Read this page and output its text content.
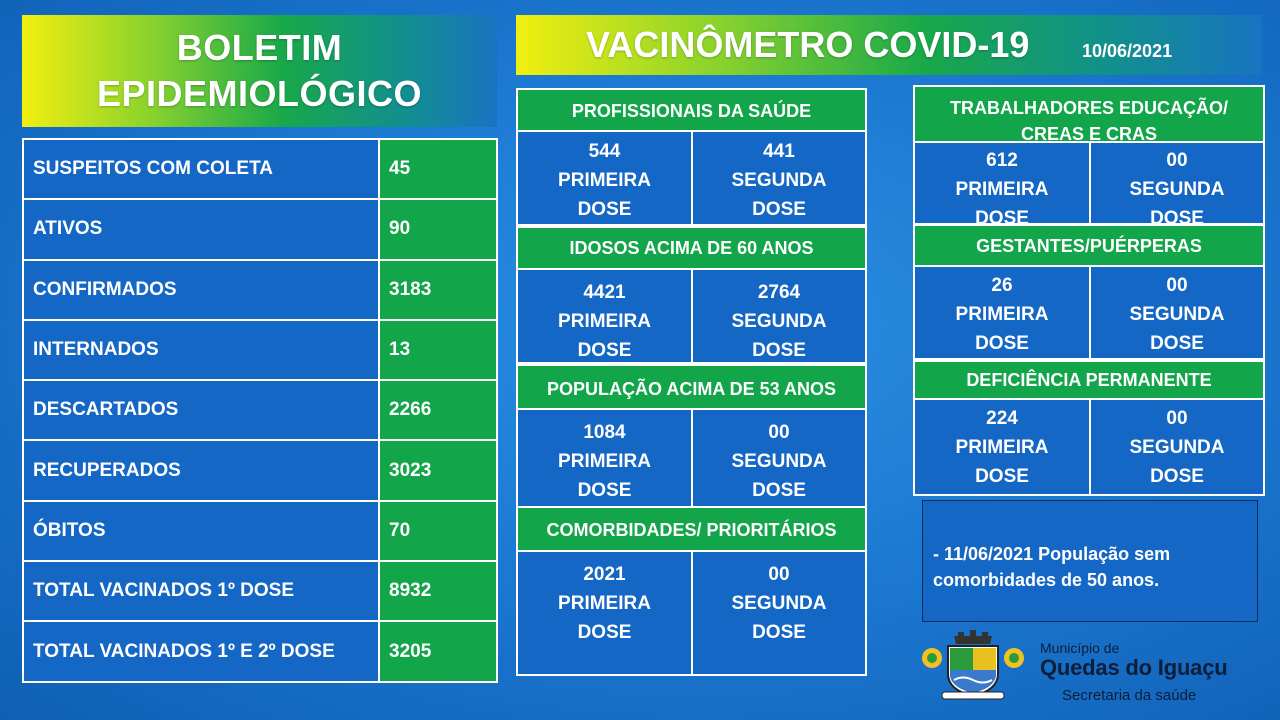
BOLETIM
EPIDEMIOLÓGICO
VACINÔMETRO COVID-19	10/06/2021
SUSPEITOS COM COLETA	45
ATIVOS	90
CONFIRMADOS	3183
INTERNADOS	13
DESCARTADOS	2266
RECUPERADOS	3023
ÓBITOS	70
TOTAL VACINADOS 1º DOSE	8932
TOTAL VACINADOS 1º E 2º DOSE	3205
PROFISSIONAIS DA SAÚDE
544
PRIMEIRA
DOSE
441
SEGUNDA
DOSE
IDOSOS ACIMA DE 60 ANOS
4421
PRIMEIRA
DOSE
2764
SEGUNDA
DOSE
POPULAÇÃO ACIMA DE 53 ANOS
1084
PRIMEIRA
DOSE
00
SEGUNDA
DOSE
COMORBIDADES/ PRIORITÁRIOS
2021
PRIMEIRA
DOSE
00
SEGUNDA
DOSE
TRABALHADORES EDUCAÇÃO/
CREAS E CRAS
612
PRIMEIRA
DOSE
00
SEGUNDA
DOSE
GESTANTES/PUÉRPERAS
26
PRIMEIRA
DOSE
00
SEGUNDA
DOSE
DEFICIÊNCIA PERMANENTE
224
PRIMEIRA
DOSE
00
SEGUNDA
DOSE
- 11/06/2021 População sem
comorbidades de 50 anos.
Município de
Quedas do Iguaçu
Secretaria da saúde
